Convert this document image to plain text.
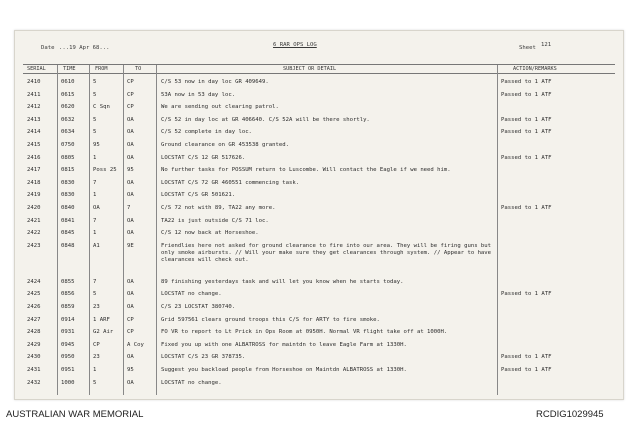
Date ...19 Apr 68...	6 RAR OPS LOG	Sheet 121
SERIAL	TIME	FROM	TO	SUBJECT OR DETAIL	ACTION/REMARKS
2410	0610	5	CP	C/S 53 now in day loc GR 409649.	Passed to 1 ATF
2411	0615	5	CP	53A now in 53 day loc.	Passed to 1 ATF
2412	0620	C Sqn	CP	We are sending out clearing patrol.
2413	0632	5	OA	C/S 52 in day loc at GR 406640. C/S 52A will be there shortly.	Passed to 1 ATF
2414	0634	5	OA	C/S 52 complete in day loc.	Passed to 1 ATF
2415	0750	95	OA	Ground clearance on GR 453538 granted.
2416	0805	1	OA	LOCSTAT C/S 12 GR 517626.	Passed to 1 ATF
2417	0815	Poss 25	95	No further tasks for POSSUM return to Luscombe. Will contact the Eagle if we need him.
2418	0830	7	OA	LOCSTAT C/S 72 GR 460551 commencing task.
2419	0830	1	OA	LOCSTAT C/S GR 501621.
2420	0840	OA	7	C/S 72 not with 89, TA22 any more.	Passed to 1 ATF
2421	0841	7	OA	TA22 is just outside C/S 71 loc.
2422	0845	1	OA	C/S 12 now back at Horseshoe.
2423	0848	A1	9E	Friendlies here not asked for ground clearance to fire into our area. They will be firing guns but only smoke airbursts. // Will your make sure they get clearances through system. // Appear to have clearances will check out.
2424	0855	7	OA	89 finishing yesterdays task and will let you know when he starts today.
2425	0856	5	OA	LOCSTAT no change.	Passed to 1 ATF
2426	0859	23	OA	C/S 23 LOCSTAT 380740.
2427	0914	1 ARF	CP	Grid 597561 clears ground troops this C/S for ARTY to fire smoke.
2428	0931	G2 Air	CP	FO VR to report to Lt Prick in Ops Room at 0950H. Normal VR flight take off at 1000H.
2429	0945	CP	A Coy	Fixed you up with one ALBATROSS for maintdn to leave Eagle Farm at 1330H.
2430	0950	23	OA	LOCSTAT C/S 23 GR 378735.	Passed to 1 ATF
2431	0951	1	95	Suggest you backload people from Horseshoe on Maintdn ALBATROSS at 1330H.	Passed to 1 ATF
2432	1000	5	OA	LOCSTAT no change.
AUSTRALIAN WAR MEMORIAL	RCDIG1029945
